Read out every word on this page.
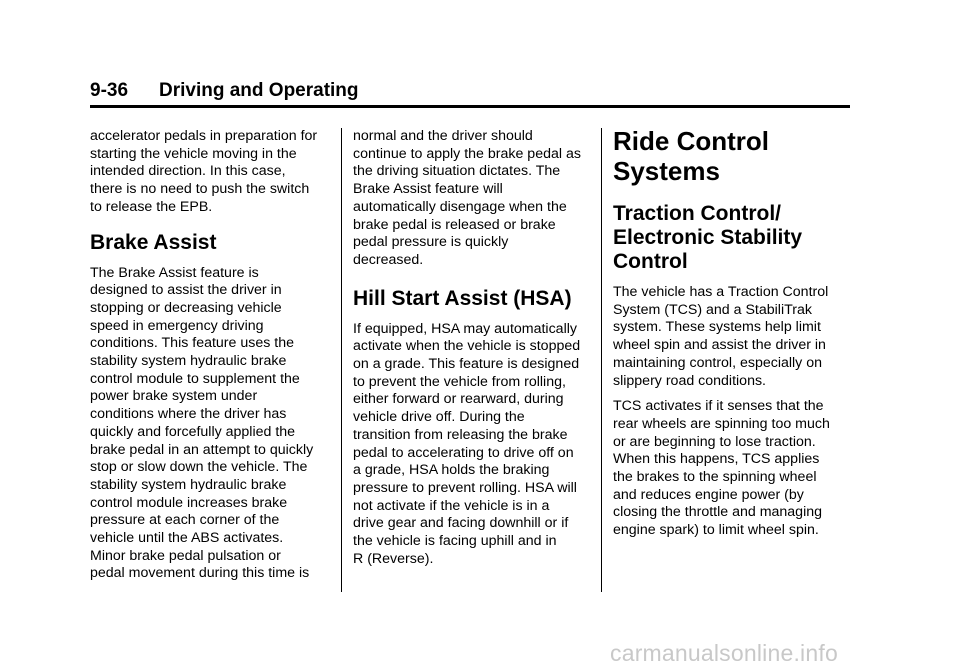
9-36 Driving and Operating

accelerator pedals in preparation for
starting the vehicle moving in the
intended direction. In this case,
there is no need to push the switch
to release the EPB.

Brake Assist

The Brake Assist feature is
designed to assist the driver in
stopping or decreasing vehicle
speed in emergency driving
conditions. This feature uses the
stability system hydraulic brake
control module to supplement the
power brake system under
conditions where the driver has
quickly and forcefully applied the
brake pedal in an attempt to quickly
stop or slow down the vehicle. The
stability system hydraulic brake
control module increases brake
pressure at each corner of the
vehicle until the ABS activates.
Minor brake pedal pulsation or
pedal movement during this time is

normal and the driver should
continue to apply the brake pedal as
the driving situation dictates. The
Brake Assist feature will
automatically disengage when the
brake pedal is released or brake
pedal pressure is quickly
decreased.

Hill Start Assist (HSA)

If equipped, HSA may automatically
activate when the vehicle is stopped
on a grade. This feature is designed
to prevent the vehicle from rolling,
either forward or rearward, during
vehicle drive off. During the
transition from releasing the brake
pedal to accelerating to drive off on
a grade, HSA holds the braking
pressure to prevent rolling. HSA will
not activate if the vehicle is in a
drive gear and facing downhill or if
the vehicle is facing uphill and in
R (Reverse).

Ride Control Systems
Traction Control/
Electronic Stability
Control

The vehicle has a Traction Control
System (TCS) and a StabiliTrak
system. These systems help limit
wheel spin and assist the driver in
maintaining control, especially on
slippery road conditions.

TCS activates if it senses that the
rear wheels are spinning too much
or are beginning to lose traction.
When this happens, TCS applies
the brakes to the spinning wheel
and reduces engine power (by
closing the throttle and managing
engine spark) to limit wheel spin.

carmanualsonline.info
